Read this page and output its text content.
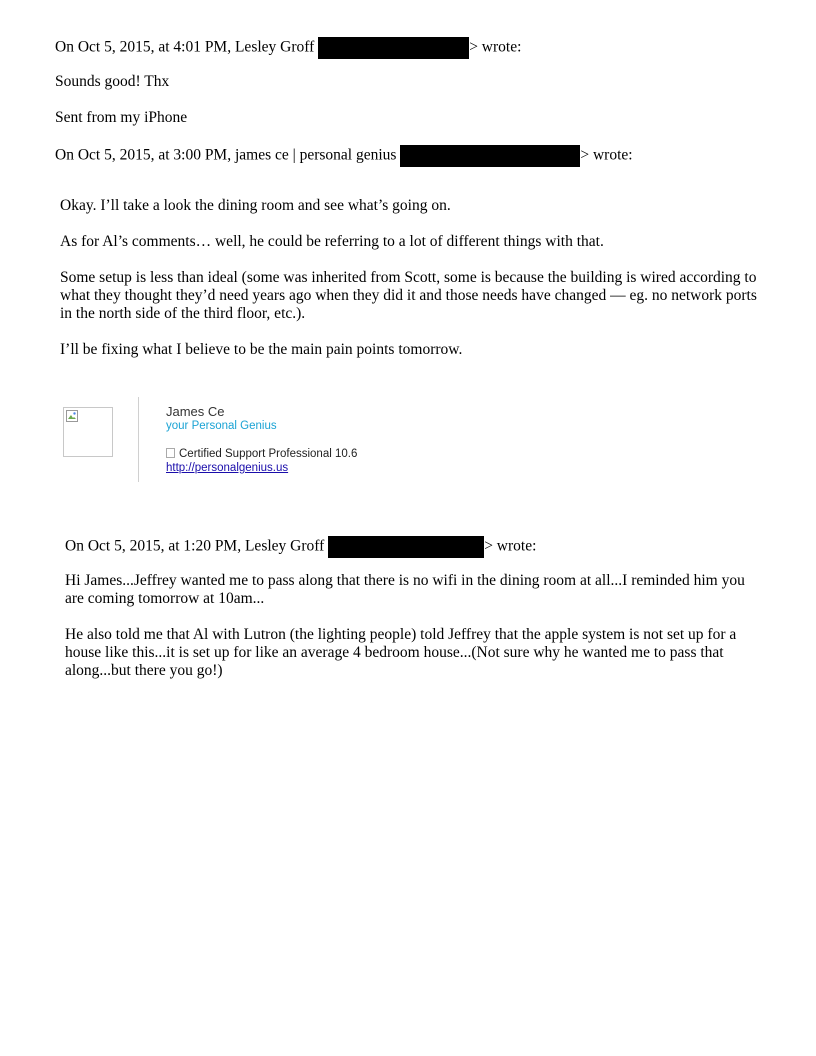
On Oct 5, 2015, at 4:01 PM, Lesley Groff	> wrote:
Sounds good! Thx
Sent from my iPhone
On Oct 5, 2015, at 3:00 PM, james ce | personal genius	> wrote:
Okay. I’ll take a look the dining room and see what’s going on.
As for Al’s comments… well, he could be referring to a lot of different things with that.
Some setup is less than ideal (some was inherited from Scott, some is because the building is wired according to what they thought they’d need years ago when they did it and those needs have changed — eg. no network ports in the north side of the third floor, etc.).
I’ll be fixing what I believe to be the main pain points tomorrow.
James Ce
your Personal Genius
Certified Support Professional 10.6
http://personalgenius.us
On Oct 5, 2015, at 1:20 PM, Lesley Groff	> wrote:
Hi James...Jeffrey wanted me to pass along that there is no wifi in the dining room at all...I reminded him you are coming tomorrow at 10am...
He also told me that Al with Lutron (the lighting people) told Jeffrey that the apple system is not set up for a house like this...it is set up for like an average 4 bedroom house...(Not sure why he wanted me to pass that along...but there you go!)
